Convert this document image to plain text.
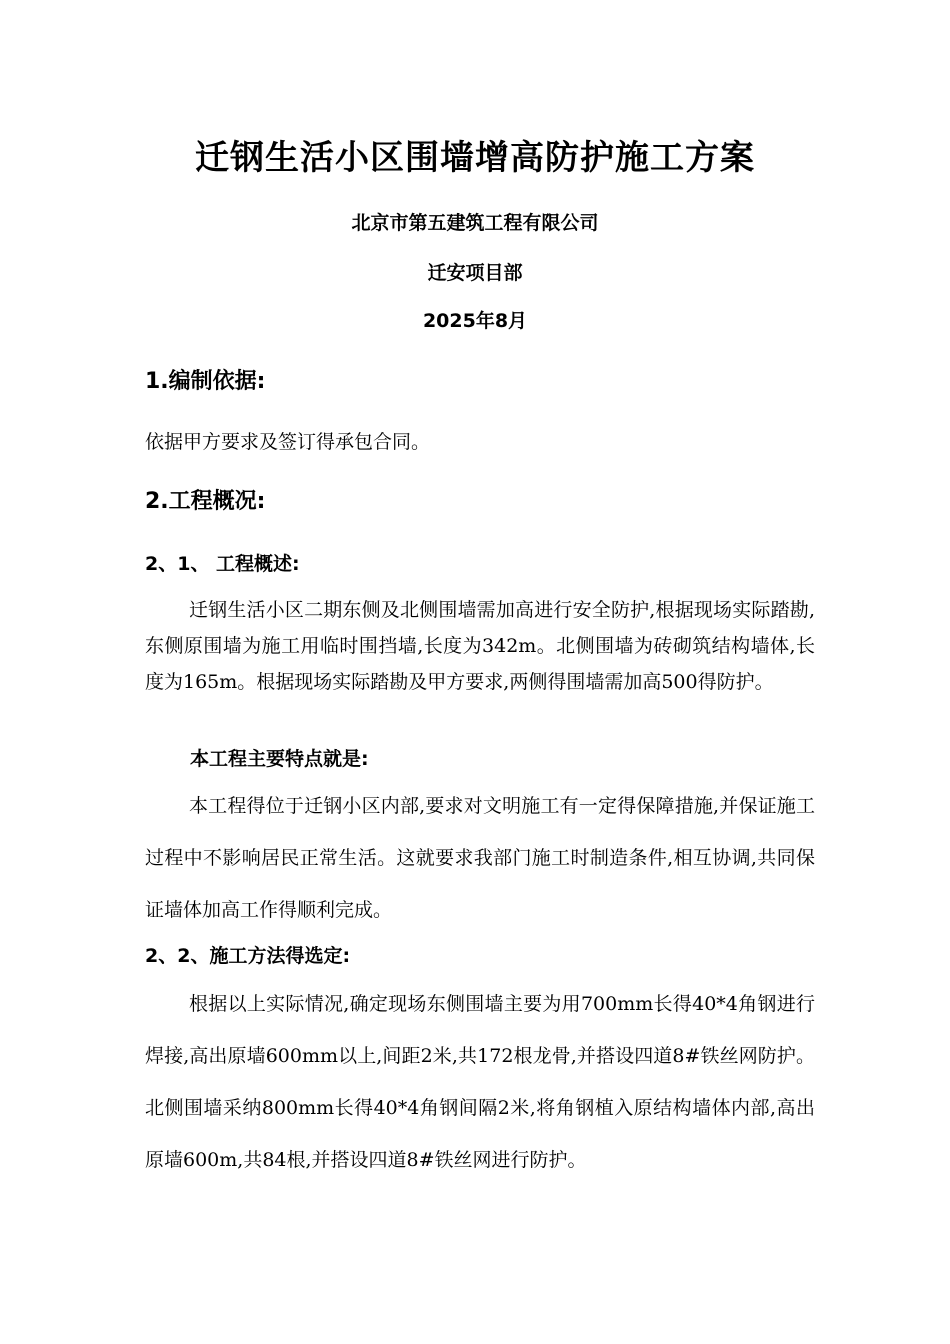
迁钢生活小区围墙增高防护施工方案
北京市第五建筑工程有限公司
迁安项目部
2025年8月
1.编制依据:
依据甲方要求及签订得承包合同。
2.工程概况:
2、1、 工程概述:
迁钢生活小区二期东侧及北侧围墙需加高进行安全防护,根据现场实际踏勘,东侧原围墙为施工用临时围挡墙,长度为342m。北侧围墙为砖砌筑结构墙体,长度为165m。根据现场实际踏勘及甲方要求,两侧得围墙需加高500得防护。
本工程主要特点就是:
本工程得位于迁钢小区内部,要求对文明施工有一定得保障措施,并保证施工过程中不影响居民正常生活。这就要求我部门施工时制造条件,相互协调,共同保证墙体加高工作得顺利完成。
2、2、施工方法得选定:
根据以上实际情况,确定现场东侧围墙主要为用700mm长得40*4角钢进行焊接,高出原墙600mm以上,间距2米,共172根龙骨,并搭设四道8#铁丝网防护。北侧围墙采纳800mm长得40*4角钢间隔2米,将角钢植入原结构墙体内部,高出原墙600m,共84根,并搭设四道8#铁丝网进行防护。
